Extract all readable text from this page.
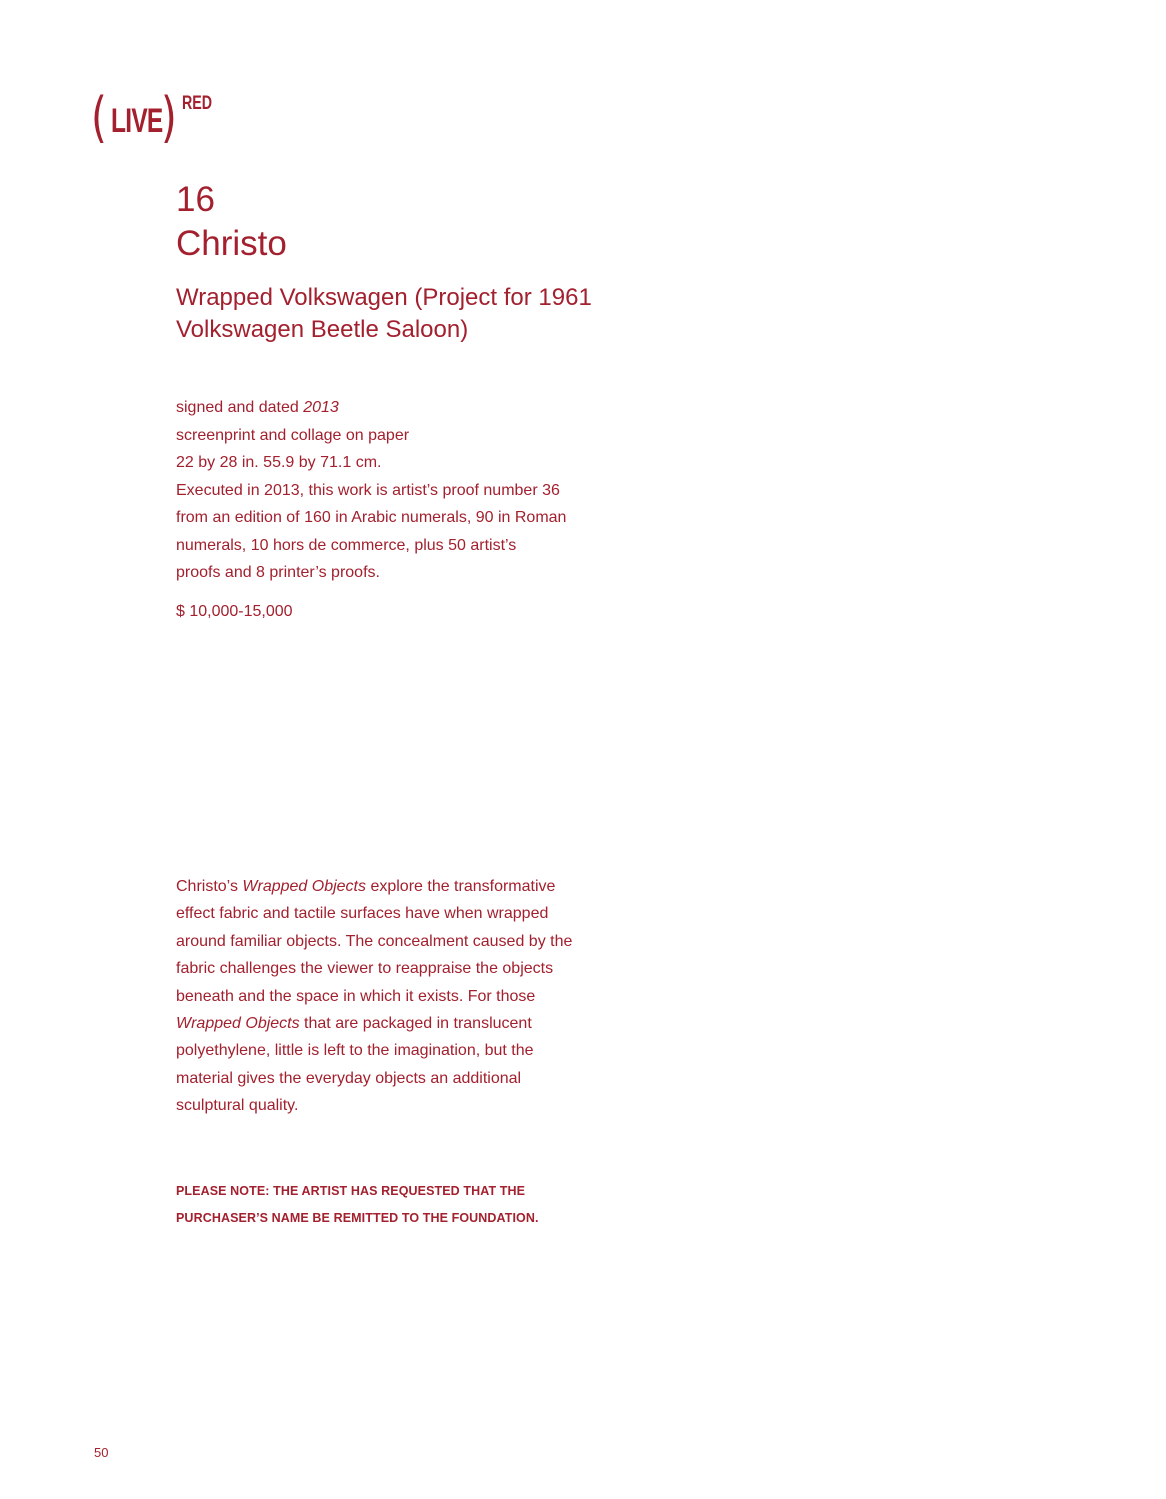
( LIVE
) RED
16
Christo
Wrapped Volkswagen (Project for 1961
Volkswagen Beetle Saloon)
signed and dated 2013
screenprint and collage on paper
22 by 28 in. 55.9 by 71.1 cm.
Executed in 2013, this work is artist’s proof number 36
from an edition of 160 in Arabic numerals, 90 in Roman
numerals, 10 hors de commerce, plus 50 artist’s
proofs and 8 printer’s proofs.
$ 10,000-15,000
Christo’s Wrapped Objects explore the transformative effect fabric and tactile surfaces have when wrapped around familiar objects. The concealment caused by the fabric challenges the viewer to reappraise the objects beneath and the space in which it exists. For those Wrapped Objects that are packaged in translucent polyethylene, little is left to the imagination, but the material gives the everyday objects an additional sculptural quality.
PLEASE NOTE: THE ARTIST HAS REQUESTED THAT THE
PURCHASER’S NAME BE REMITTED TO THE FOUNDATION.
50
